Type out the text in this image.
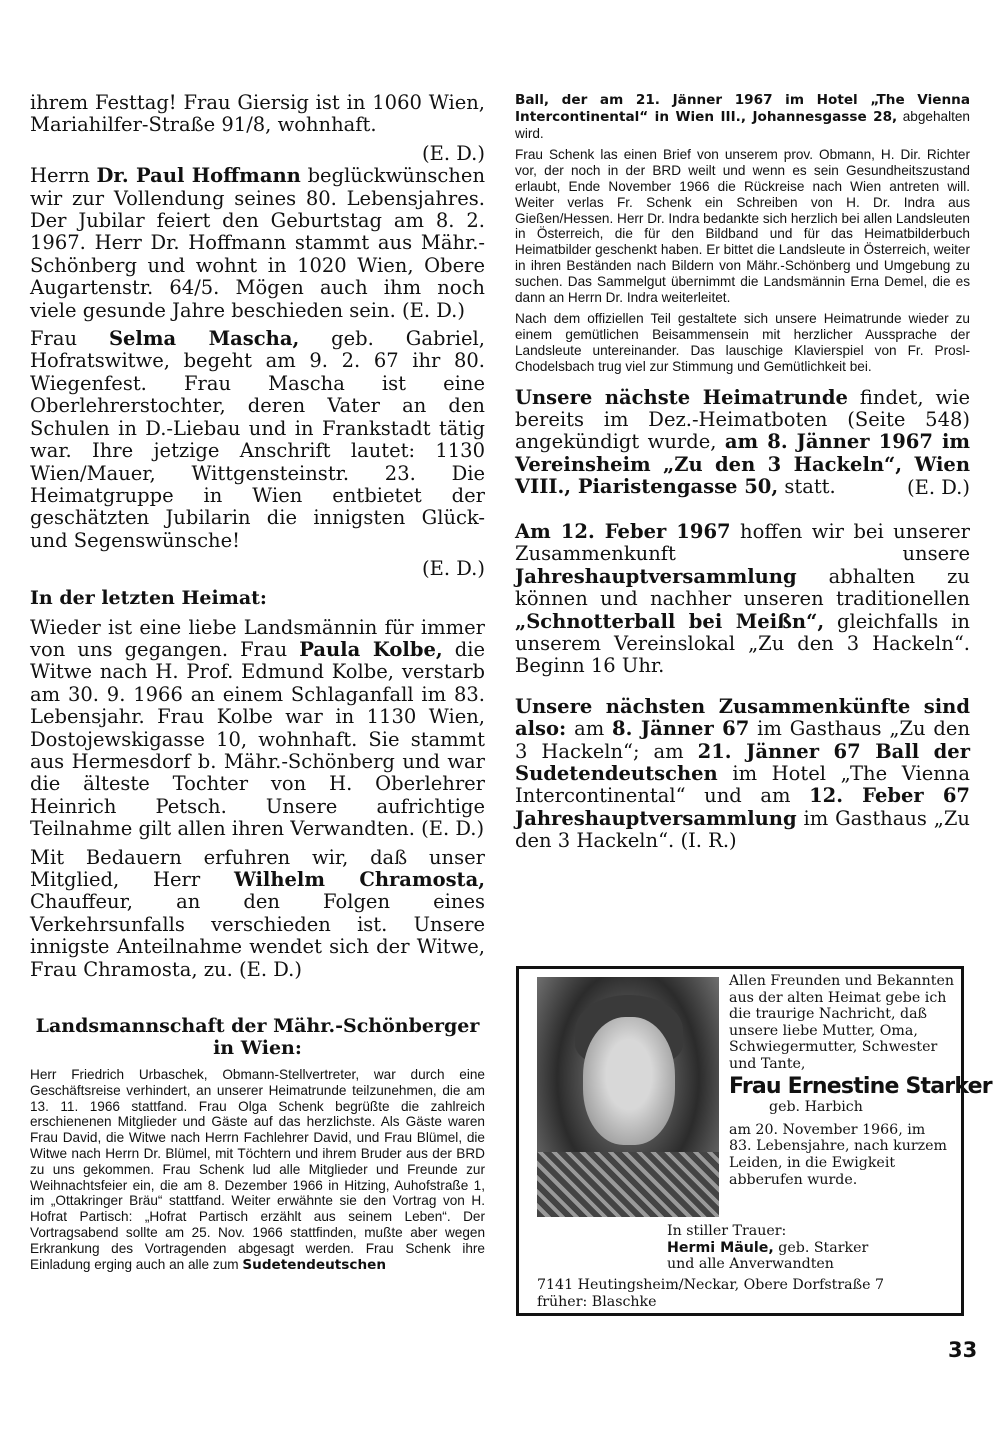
ihrem Festtag! Frau Giersig ist in 1060 Wien, Mariahilfer-Straße 91/8, wohnhaft.

(E. D.)

Herrn Dr. Paul Hoffmann beglückwünschen wir zur Vollendung seines 80. Lebensjahres. Der Jubilar feiert den Geburtstag am 8. 2. 1967. Herr Dr. Hoffmann stammt aus Mähr.-Schönberg und wohnt in 1020 Wien, Obere Augartenstr. 64/5. Mögen auch ihm noch viele gesunde Jahre beschieden sein. (E. D.)

Frau Selma Mascha, geb. Gabriel, Hofratswitwe, begeht am 9. 2. 67 ihr 80. Wiegenfest. Frau Mascha ist eine Oberlehrerstochter, deren Vater an den Schulen in D.-Liebau und in Frankstadt tätig war. Ihre jetzige Anschrift lautet: 1130 Wien/Mauer, Wittgensteinstr. 23. Die Heimatgruppe in Wien entbietet der geschätzten Jubilarin die innigsten Glück- und Segenswünsche!

(E. D.)

In der letzten Heimat:

Wieder ist eine liebe Landsmännin für immer von uns gegangen. Frau Paula Kolbe, die Witwe nach H. Prof. Edmund Kolbe, verstarb am 30. 9. 1966 an einem Schlaganfall im 83. Lebensjahr. Frau Kolbe war in 1130 Wien, Dostojewskigasse 10, wohnhaft. Sie stammt aus Hermesdorf b. Mähr.-Schönberg und war die älteste Tochter von H. Oberlehrer Heinrich Petsch. Unsere aufrichtige Teilnahme gilt allen ihren Verwandten. (E. D.)

Mit Bedauern erfuhren wir, daß unser Mitglied, Herr Wilhelm Chramosta, Chauffeur, an den Folgen eines Verkehrsunfalls verschieden ist. Unsere innigste Anteilnahme wendet sich der Witwe, Frau Chramosta, zu. (E. D.)

Landsmannschaft der Mähr.-Schönberger in Wien:

Herr Friedrich Urbaschek, Obmann-Stellvertreter, war durch eine Geschäftsreise verhindert, an unserer Heimatrunde teilzunehmen, die am 13. 11. 1966 stattfand. Frau Olga Schenk begrüßte die zahlreich erschienenen Mitglieder und Gäste auf das herzlichste. Als Gäste waren Frau David, die Witwe nach Herrn Fachlehrer David, und Frau Blümel, die Witwe nach Herrn Dr. Blümel, mit Töchtern und ihrem Bruder aus der BRD zu uns gekommen. Frau Schenk lud alle Mitglieder und Freunde zur Weihnachtsfeier ein, die am 8. Dezember 1966 in Hitzing, Auhofstraße 1, im „Ottakringer Bräu“ stattfand. Weiter erwähnte sie den Vortrag von H. Hofrat Partisch: „Hofrat Partisch erzählt aus seinem Leben“. Der Vortragsabend sollte am 25. Nov. 1966 stattfinden, mußte aber wegen Erkrankung des Vortragenden abgesagt werden. Frau Schenk ihre Einladung erging auch an alle zum Sudetendeutschen

Ball, der am 21. Jänner 1967 im Hotel „The Vienna Intercontinental“ in Wien III., Johannesgasse 28, abgehalten wird.

Frau Schenk las einen Brief von unserem prov. Obmann, H. Dir. Richter vor, der noch in der BRD weilt und wenn es sein Gesundheitszustand erlaubt, Ende November 1966 die Rückreise nach Wien antreten will. Weiter verlas Fr. Schenk ein Schreiben von H. Dr. Indra aus Gießen/Hessen. Herr Dr. Indra bedankte sich herzlich bei allen Landsleuten in Österreich, die für den Bildband und für das Heimatbilderbuch Heimatbilder geschenkt haben. Er bittet die Landsleute in Österreich, weiter in ihren Beständen nach Bildern von Mähr.-Schönberg und Umgebung zu suchen. Das Sammelgut übernimmt die Landsmännin Erna Demel, die es dann an Herrn Dr. Indra weiterleitet.

Nach dem offiziellen Teil gestaltete sich unsere Heimatrunde wieder zu einem gemütlichen Beisammensein mit herzlicher Aussprache der Landsleute untereinander. Das lauschige Klavierspiel von Fr. Prosl-Chodelsbach trug viel zur Stimmung und Gemütlichkeit bei.

Unsere nächste Heimatrunde findet, wie bereits im Dez.-Heimatboten (Seite 548) angekündigt wurde, am 8. Jänner 1967 im Vereinsheim „Zu den 3 Hackeln“, Wien VIII., Piaristengasse 50, statt.	(E. D.)

Am 12. Feber 1967 hoffen wir bei unserer Zusammenkunft unsere Jahreshauptversammlung abhalten zu können und nachher unseren traditionellen „Schnotterball bei Meißn“, gleichfalls in unserem Vereinslokal „Zu den 3 Hackeln“. Beginn 16 Uhr.

Unsere nächsten Zusammenkünfte sind also: am 8. Jänner 67 im Gasthaus „Zu den 3 Hackeln“; am 21. Jänner 67 Ball der Sudetendeutschen im Hotel „The Vienna Intercontinental“ und am 12. Feber 67 Jahreshauptversammlung im Gasthaus „Zu den 3 Hackeln“. (I. R.)

Allen Freunden und Bekannten aus der alten Heimat gebe ich die traurige Nachricht, daß unsere liebe Mutter, Oma, Schwiegermutter, Schwester und Tante,
Frau Ernestine Starker
geb. Harbich
am 20. November 1966, im 83. Lebensjahre, nach kurzem Leiden, in die Ewigkeit abberufen wurde.
In stiller Trauer:
Hermi Mäule, geb. Starker
und alle Anverwandten
7141 Heutingsheim/Neckar, Obere Dorfstraße 7
früher: Blaschke
33
